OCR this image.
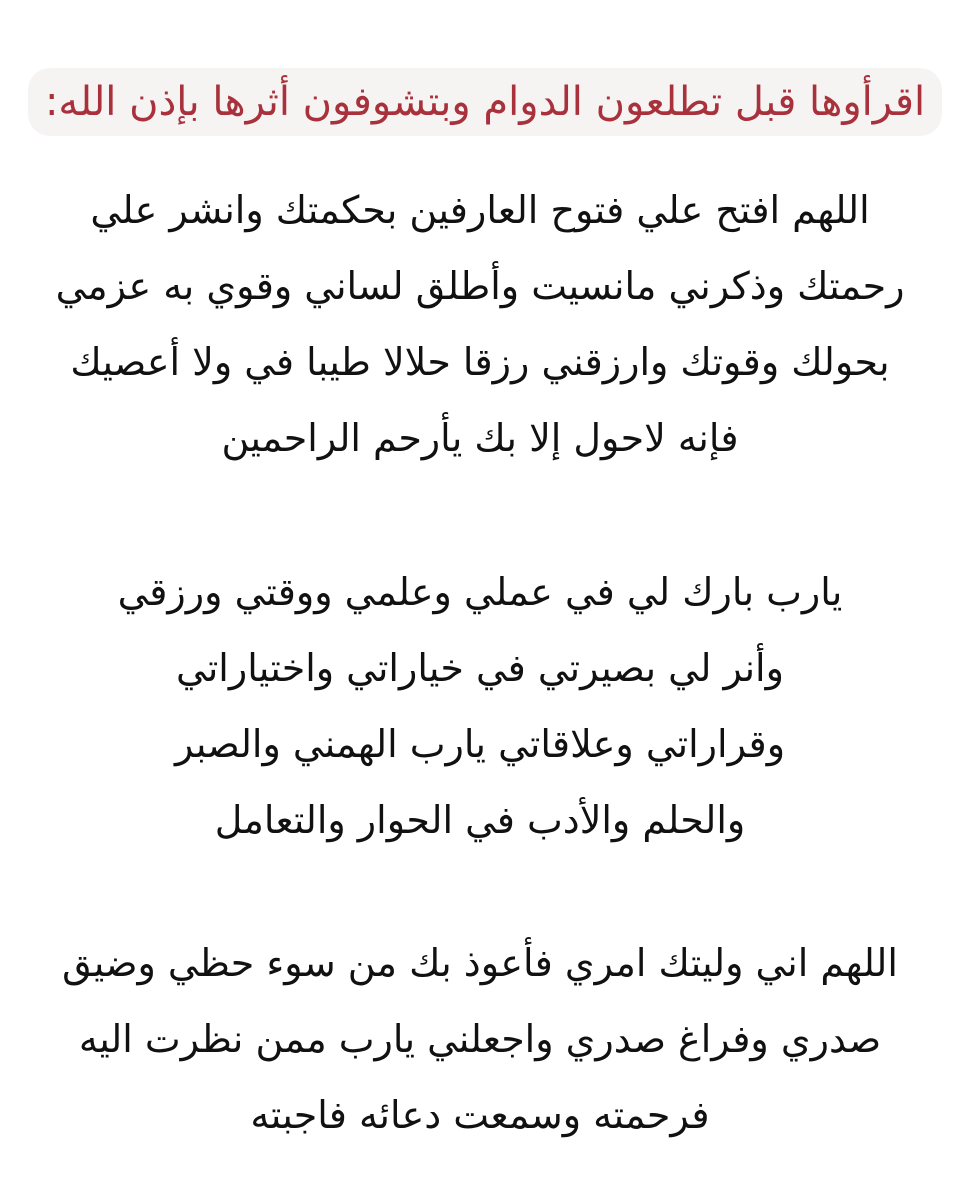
اقرأوها قبل تطلعون الدوام وبتشوفون أثرها بإذن الله:
اللهم افتح علي فتوح العارفين بحكمتك وانشر علي
رحمتك وذكرني مانسيت وأطلق لساني وقوي به عزمي
بحولك وقوتك وارزقني رزقا حلالا طيبا في ولا أعصيك
فإنه لاحول إلا بك يأرحم الراحمين
يارب بارك لي في عملي وعلمي ووقتي ورزقي
وأنر لي بصيرتي في خياراتي واختياراتي
وقراراتي وعلاقاتي يارب الهمني والصبر
والحلم والأدب في الحوار والتعامل
اللهم اني وليتك امري فأعوذ بك من سوء حظي وضيق
صدري وفراغ صدري واجعلني يارب ممن نظرت اليه
فرحمته وسمعت دعائه فاجبته
